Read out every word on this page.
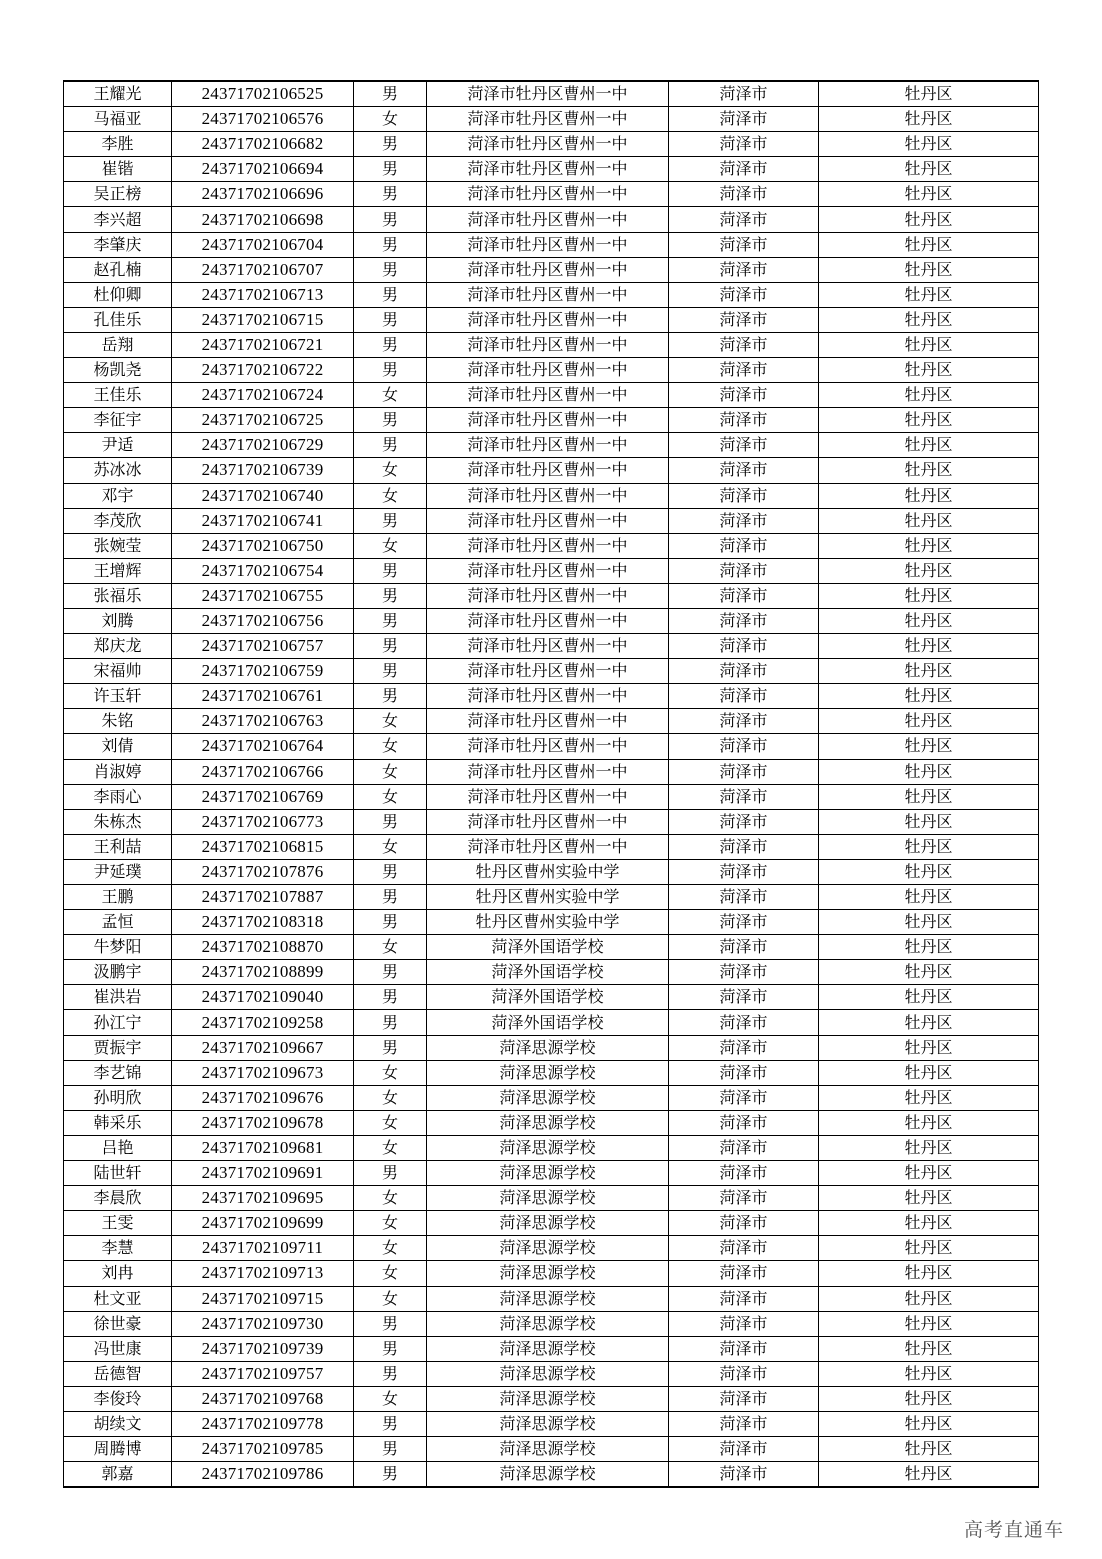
王耀光	24371702106525	男	菏泽市牡丹区曹州一中	菏泽市	牡丹区
马福亚	24371702106576	女	菏泽市牡丹区曹州一中	菏泽市	牡丹区
李胜	24371702106682	男	菏泽市牡丹区曹州一中	菏泽市	牡丹区
崔锴	24371702106694	男	菏泽市牡丹区曹州一中	菏泽市	牡丹区
吴正榜	24371702106696	男	菏泽市牡丹区曹州一中	菏泽市	牡丹区
李兴超	24371702106698	男	菏泽市牡丹区曹州一中	菏泽市	牡丹区
李肇庆	24371702106704	男	菏泽市牡丹区曹州一中	菏泽市	牡丹区
赵孔楠	24371702106707	男	菏泽市牡丹区曹州一中	菏泽市	牡丹区
杜仰卿	24371702106713	男	菏泽市牡丹区曹州一中	菏泽市	牡丹区
孔佳乐	24371702106715	男	菏泽市牡丹区曹州一中	菏泽市	牡丹区
岳翔	24371702106721	男	菏泽市牡丹区曹州一中	菏泽市	牡丹区
杨凯尧	24371702106722	男	菏泽市牡丹区曹州一中	菏泽市	牡丹区
王佳乐	24371702106724	女	菏泽市牡丹区曹州一中	菏泽市	牡丹区
李征宇	24371702106725	男	菏泽市牡丹区曹州一中	菏泽市	牡丹区
尹适	24371702106729	男	菏泽市牡丹区曹州一中	菏泽市	牡丹区
苏冰冰	24371702106739	女	菏泽市牡丹区曹州一中	菏泽市	牡丹区
邓宇	24371702106740	女	菏泽市牡丹区曹州一中	菏泽市	牡丹区
李茂欣	24371702106741	男	菏泽市牡丹区曹州一中	菏泽市	牡丹区
张婉莹	24371702106750	女	菏泽市牡丹区曹州一中	菏泽市	牡丹区
王增辉	24371702106754	男	菏泽市牡丹区曹州一中	菏泽市	牡丹区
张福乐	24371702106755	男	菏泽市牡丹区曹州一中	菏泽市	牡丹区
刘腾	24371702106756	男	菏泽市牡丹区曹州一中	菏泽市	牡丹区
郑庆龙	24371702106757	男	菏泽市牡丹区曹州一中	菏泽市	牡丹区
宋福帅	24371702106759	男	菏泽市牡丹区曹州一中	菏泽市	牡丹区
许玉轩	24371702106761	男	菏泽市牡丹区曹州一中	菏泽市	牡丹区
朱铭	24371702106763	女	菏泽市牡丹区曹州一中	菏泽市	牡丹区
刘倩	24371702106764	女	菏泽市牡丹区曹州一中	菏泽市	牡丹区
肖淑婷	24371702106766	女	菏泽市牡丹区曹州一中	菏泽市	牡丹区
李雨心	24371702106769	女	菏泽市牡丹区曹州一中	菏泽市	牡丹区
朱栋杰	24371702106773	男	菏泽市牡丹区曹州一中	菏泽市	牡丹区
王利喆	24371702106815	女	菏泽市牡丹区曹州一中	菏泽市	牡丹区
尹延璞	24371702107876	男	牡丹区曹州实验中学	菏泽市	牡丹区
王鹏	24371702107887	男	牡丹区曹州实验中学	菏泽市	牡丹区
孟恒	24371702108318	男	牡丹区曹州实验中学	菏泽市	牡丹区
牛梦阳	24371702108870	女	菏泽外国语学校	菏泽市	牡丹区
汲鹏宇	24371702108899	男	菏泽外国语学校	菏泽市	牡丹区
崔洪岩	24371702109040	男	菏泽外国语学校	菏泽市	牡丹区
孙江宁	24371702109258	男	菏泽外国语学校	菏泽市	牡丹区
贾振宇	24371702109667	男	菏泽思源学校	菏泽市	牡丹区
李艺锦	24371702109673	女	菏泽思源学校	菏泽市	牡丹区
孙明欣	24371702109676	女	菏泽思源学校	菏泽市	牡丹区
韩采乐	24371702109678	女	菏泽思源学校	菏泽市	牡丹区
吕艳	24371702109681	女	菏泽思源学校	菏泽市	牡丹区
陆世轩	24371702109691	男	菏泽思源学校	菏泽市	牡丹区
李晨欣	24371702109695	女	菏泽思源学校	菏泽市	牡丹区
王雯	24371702109699	女	菏泽思源学校	菏泽市	牡丹区
李慧	24371702109711	女	菏泽思源学校	菏泽市	牡丹区
刘冉	24371702109713	女	菏泽思源学校	菏泽市	牡丹区
杜文亚	24371702109715	女	菏泽思源学校	菏泽市	牡丹区
徐世豪	24371702109730	男	菏泽思源学校	菏泽市	牡丹区
冯世康	24371702109739	男	菏泽思源学校	菏泽市	牡丹区
岳德智	24371702109757	男	菏泽思源学校	菏泽市	牡丹区
李俊玲	24371702109768	女	菏泽思源学校	菏泽市	牡丹区
胡续文	24371702109778	男	菏泽思源学校	菏泽市	牡丹区
周腾博	24371702109785	男	菏泽思源学校	菏泽市	牡丹区
郭嘉	24371702109786	男	菏泽思源学校	菏泽市	牡丹区
高考直通车
